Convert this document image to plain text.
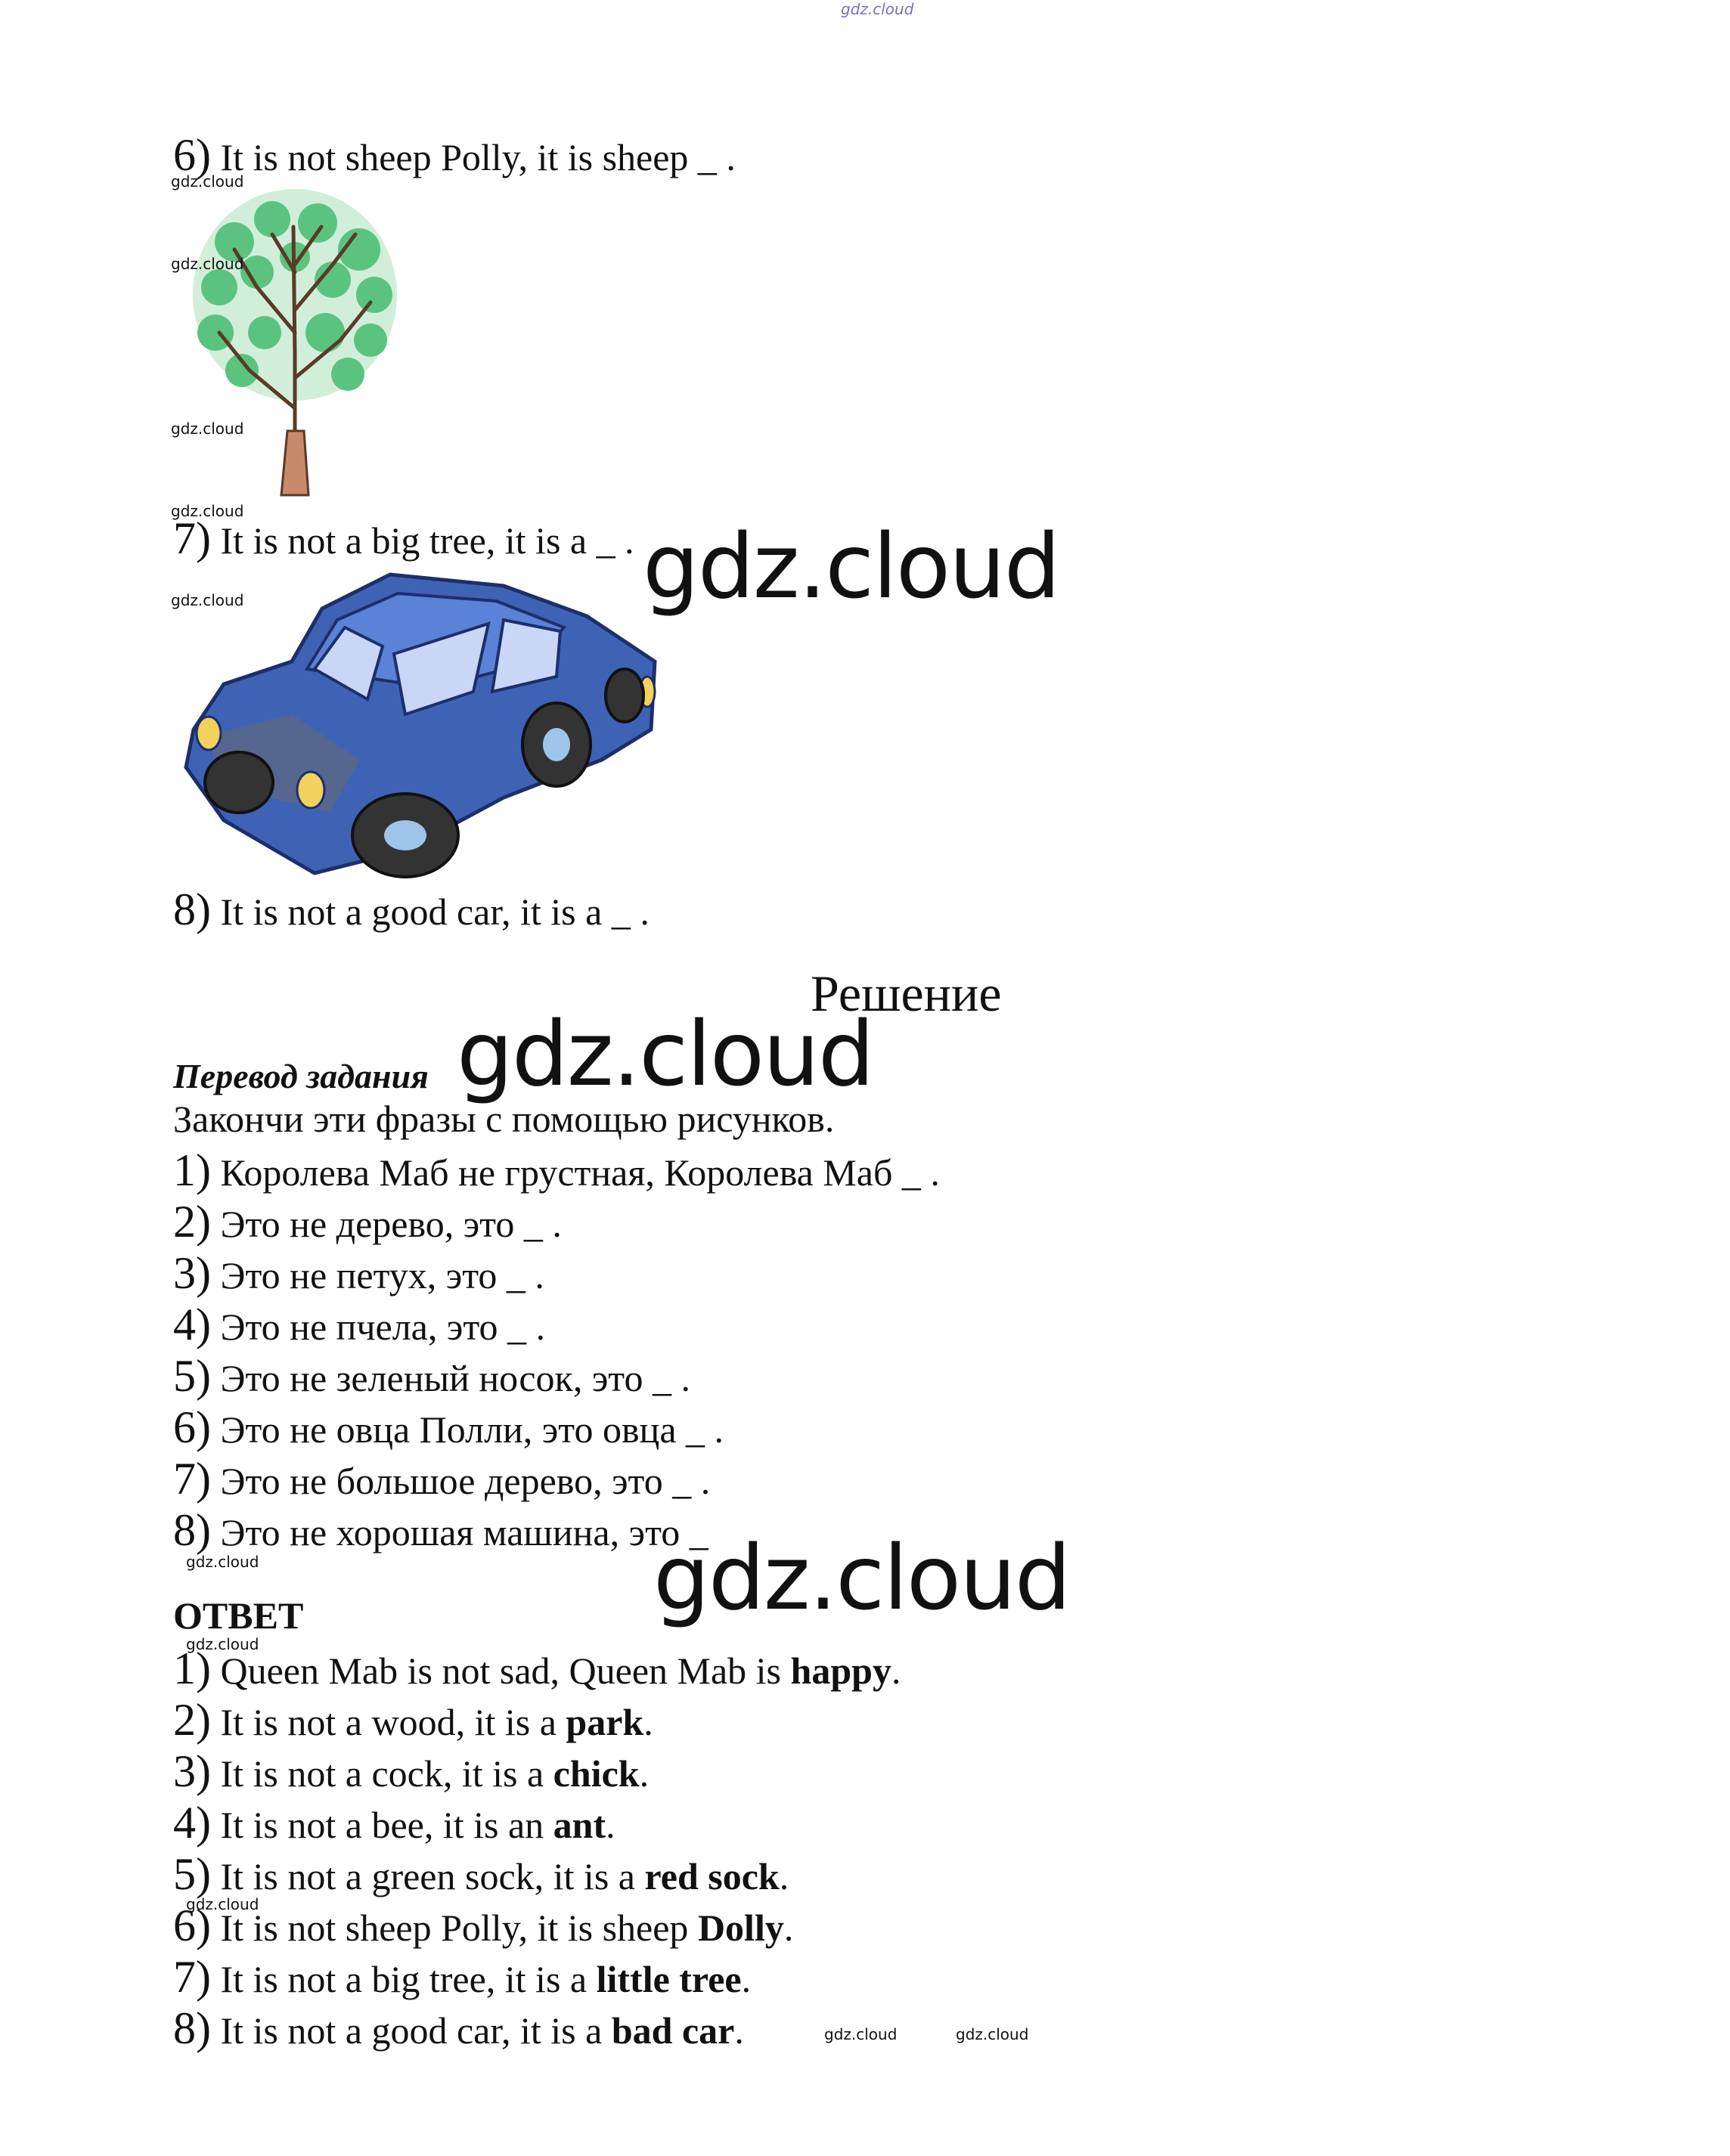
gdz.cloud
6) It is not sheep Polly, it is sheep _ .
gdz.cloud
gdz.cloud
gdz.cloud
gdz.cloud
7) It is not a big tree, it is a _ . gdz.cloud
gdz.cloud
8) It is not a good car, it is a _ .
Решение
Перевод задания gdz.cloud
Закончи эти фразы с помощью рисунков.
1) Королева Маб не грустная, Королева Маб _ .
2) Это не дерево, это _ .
3) Это не петух, это _ .
4) Это не пчела, это _ .
5) Это не зеленый носок, это _ .
6) Это не овца Полли, это овца _ .
7) Это не большое дерево, это _ .
8) Это не хорошая машина, это _
gdz.cloud	gdz.cloud
ОТВЕТ
gdz.cloud
1) Queen Mab is not sad, Queen Mab is happy.
2) It is not a wood, it is a park.
3) It is not a cock, it is a chick.
4) It is not a bee, it is an ant.
5) It is not a green sock, it is a red sock.
gdz.cloud
6) It is not sheep Polly, it is sheep Dolly.
7) It is not a big tree, it is a little tree.
8) It is not a good car, it is a bad car.	gdz.cloud	gdz.cloud
